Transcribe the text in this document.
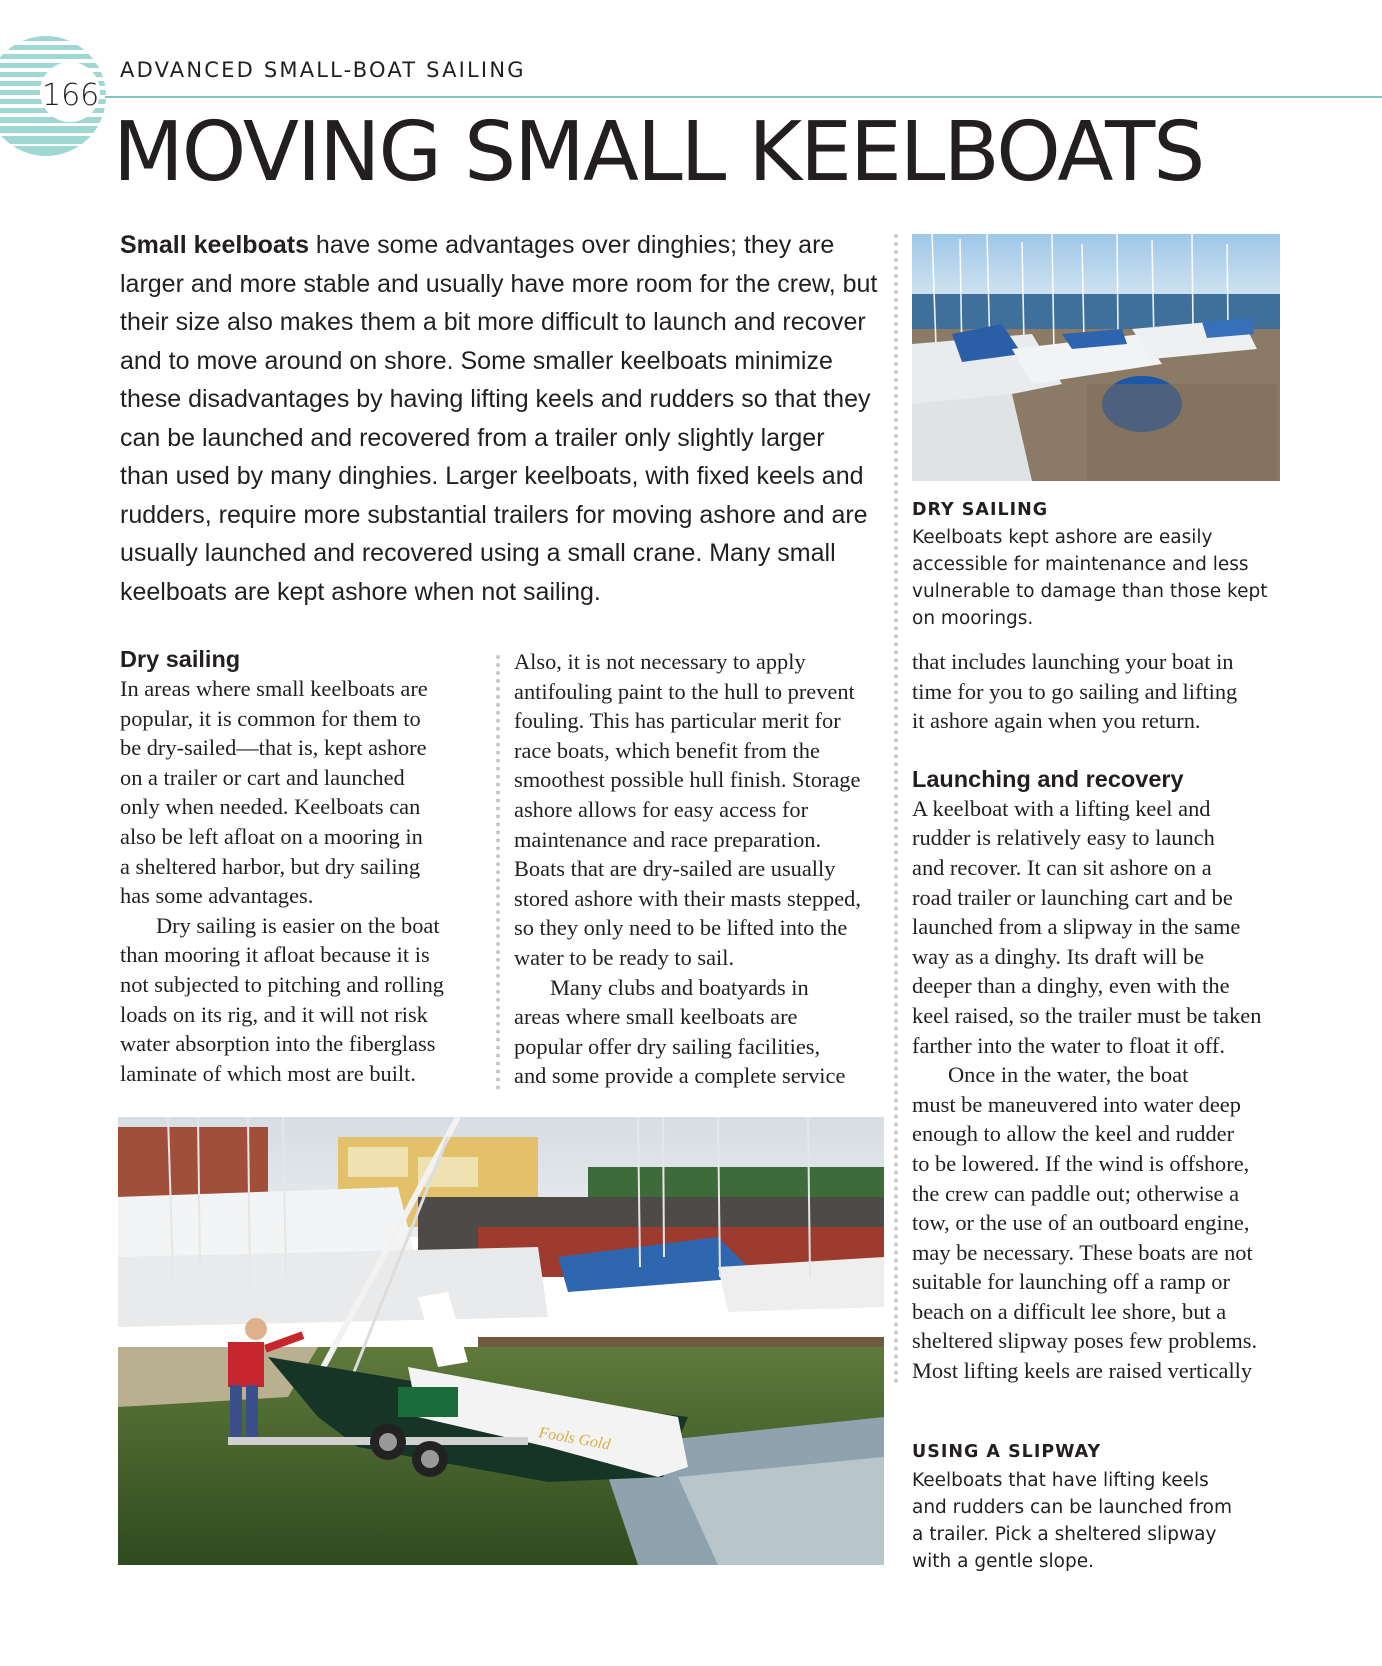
166
ADVANCED SMALL-BOAT SAILING
MOVING SMALL KEELBOATS

Small keelboats have some advantages over dinghies; they are larger and more stable and usually have more room for the crew, but their size also makes them a bit more difficult to launch and recover and to move around on shore. Some smaller keelboats minimize these disadvantages by having lifting keels and rudders so that they can be launched and recovered from a trailer only slightly larger than used by many dinghies. Larger keelboats, with fixed keels and rudders, require more substantial trailers for moving ashore and are usually launched and recovered using a small crane. Many small keelboats are kept ashore when not sailing.

DRY SAILING

Keelboats kept ashore are easily accessible for maintenance and less vulnerable to damage than those kept on moorings.

Dry sailing

In areas where small keelboats are

popular, it is common for them to

be dry-sailed—that is, kept ashore

on a trailer or cart and launched

only when needed. Keelboats can

also be left afloat on a mooring in

a sheltered harbor, but dry sailing

has some advantages.

Dry sailing is easier on the boat

than mooring it afloat because it is

not subjected to pitching and rolling

loads on its rig, and it will not risk

water absorption into the fiberglass

laminate of which most are built.

Also, it is not necessary to apply

antifouling paint to the hull to prevent

fouling. This has particular merit for

race boats, which benefit from the

smoothest possible hull finish. Storage

ashore allows for easy access for

maintenance and race preparation.

Boats that are dry-sailed are usually

stored ashore with their masts stepped,

so they only need to be lifted into the

water to be ready to sail.

Many clubs and boatyards in

areas where small keelboats are

popular offer dry sailing facilities,

and some provide a complete service

that includes launching your boat in

time for you to go sailing and lifting

it ashore again when you return.

Launching and recovery

A keelboat with a lifting keel and

rudder is relatively easy to launch

and recover. It can sit ashore on a

road trailer or launching cart and be

launched from a slipway in the same

way as a dinghy. Its draft will be

deeper than a dinghy, even with the

keel raised, so the trailer must be taken

farther into the water to float it off.

Once in the water, the boat

must be maneuvered into water deep

enough to allow the keel and rudder

to be lowered. If the wind is offshore,

the crew can paddle out; otherwise a

tow, or the use of an outboard engine,

may be necessary. These boats are not

suitable for launching off a ramp or

beach on a difficult lee shore, but a

sheltered slipway poses few problems.

Most lifting keels are raised vertically

Fools Gold	USING A SLIPWAY

Keelboats that have lifting keels and rudders can be launched from a trailer. Pick a sheltered slipway with a gentle slope.
